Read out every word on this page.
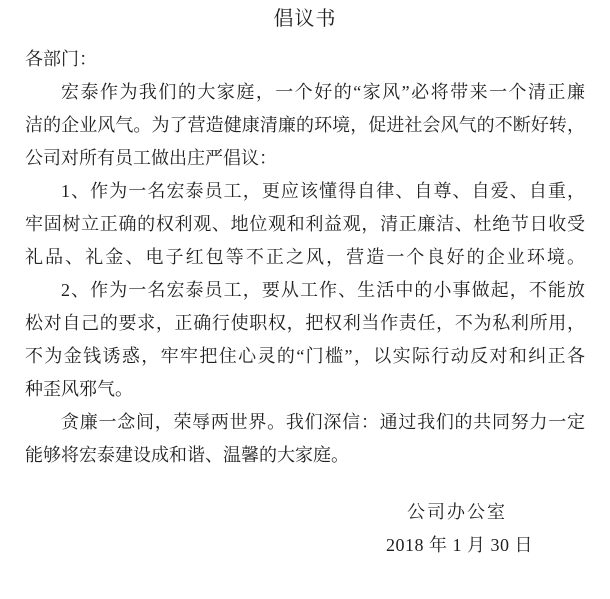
倡议书
各部门：
宏泰作为我们的大家庭，一个好的“家风”必将带来一个清正廉
洁的企业风气。为了营造健康清廉的环境，促进社会风气的不断好转，
公司对所有员工做出庄严倡议：
1、作为一名宏泰员工，更应该懂得自律、自尊、自爱、自重，
牢固树立正确的权利观、地位观和利益观，清正廉洁、杜绝节日收受
礼品、礼金、电子红包等不正之风，营造一个良好的企业环境。
2、作为一名宏泰员工，要从工作、生活中的小事做起，不能放
松对自己的要求，正确行使职权，把权利当作责任，不为私利所用，
不为金钱诱惑，牢牢把住心灵的“门槛”，以实际行动反对和纠正各
种歪风邪气。
贪廉一念间，荣辱两世界。我们深信：通过我们的共同努力一定
能够将宏泰建设成和谐、温馨的大家庭。
公司办公室
2018 年 1 月 30 日
